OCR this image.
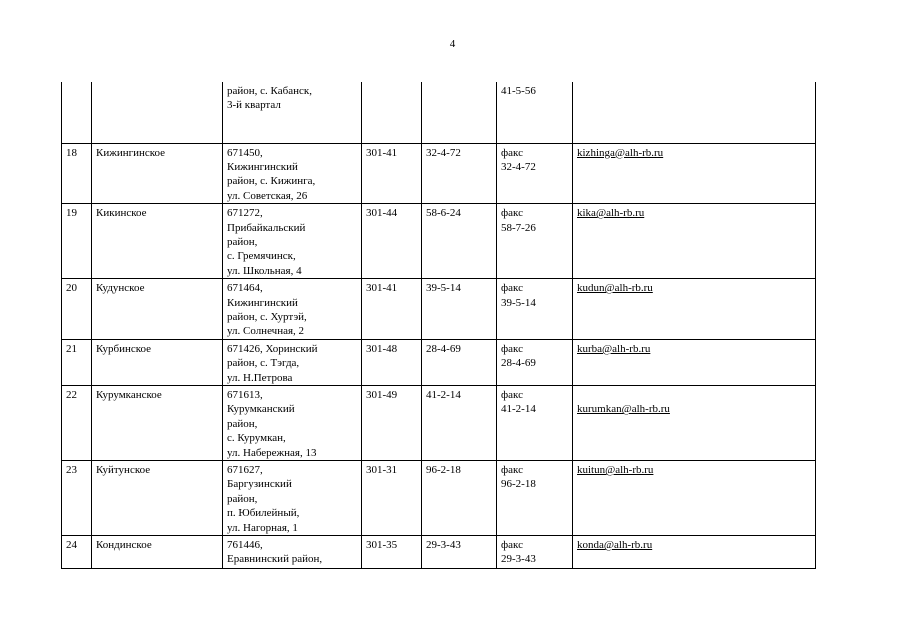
4

		район, с. Кабанск,
3-й квартал			41-5-56	

18	Кижингинское	671450,
Кижингинский
район, с. Кижинга,
ул. Советская, 26	301-41	32-4-72	факс
32-4-72	kizhinga@alh-rb.ru
19	Кикинское	671272,
Прибайкальский
район,
с. Гремячинск,
ул. Школьная, 4	301-44	58-6-24	факс
58-7-26	kika@alh-rb.ru
20	Кудунское	671464,
Кижингинский
район, с. Хуртэй,
ул. Солнечная, 2	301-41	39-5-14	факс
39-5-14	kudun@alh-rb.ru
21	Курбинское	671426, Хоринский
район, с. Тэгда,
ул. Н.Петрова	301-48	28-4-69	факс
28-4-69	kurba@alh-rb.ru
22	Курумканское	671613,
Курумканский
район,
с. Курумкан,
ул. Набережная, 13	301-49	41-2-14	факс
41-2-14	kurumkan@alh-rb.ru
23	Куйтунское	671627,
Баргузинский
район,
п. Юбилейный,
ул. Нагорная, 1	301-31	96-2-18	факс
96-2-18	kuitun@alh-rb.ru
24	Кондинское	761446,
Еравнинский район,	301-35	29-3-43	факс
29-3-43	konda@alh-rb.ru
